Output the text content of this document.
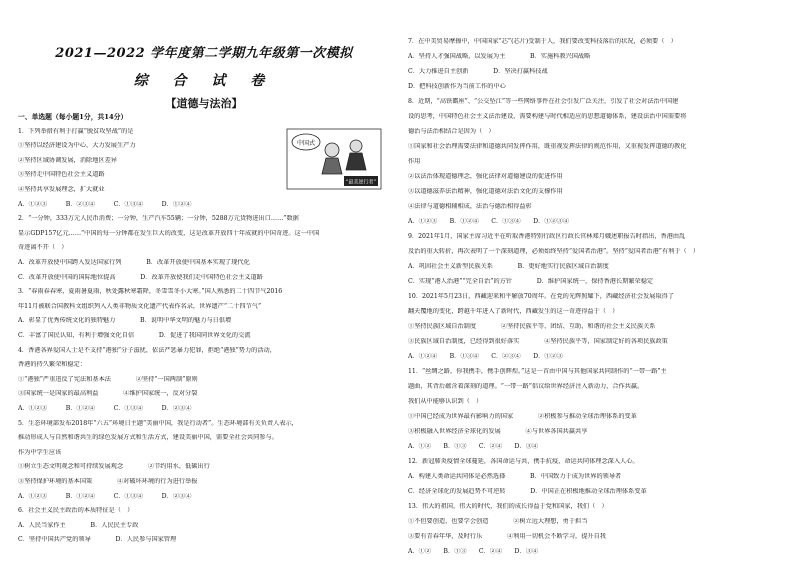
2021—2022 学年度第二学期九年级第一次模拟
综 合 试 卷
【道德与法治】
一、单选题（每小题1分，共14分）
1．下列举措有利于打赢“脱贫攻坚战”的是
①坚持以经济建设为中心，大力发展生产力
②坚持区域协调发展，消除地区差异
③坚持走中国特色社会主义道路
④坚持共享发展理念，扩大就业
A．①②③　　　B．②③④　　　C．①③④　　　D．①②④
2．“一分钟，333万元人民币消费；一分钟，生产汽车55辆；一分钟，5288万元货物进出口……”数据
显示GDP157亿元……“中国的每一分钟都在发生巨大的改变，这是改革开放四十年成就的中国奇迹。这一中国
奇迹离不开（　）
A．改革开放使中国跨入发达国家行列　　　　B．改革开放使中国基本实现了现代化
C．改革开放使中国的国际地位提高　　　　D．改革开放使我们走中国特色社会主义道路
3．“春雨春春寒，夏雨暑夏雨，秋处露秋寒霜降，冬雪雪冬小大寒。”国人熟悉的二十四节气2016
年11月被联合国教科文组织列入人类非物质文化遗产代表作名录，世界遗产“二十四节气”
A．彰显了优秀传统文化的独特魅力　　　　B．说明中华文明的魅力与日俱增
C．丰富了国民认知，有利于增强文化自信　　　　D．促进了我国同世界文化的交流
4．香港各界爱国人士是不支持“港独”分子滋扰，依法严惩暴力犯罪，拒绝“港独”势力的活动，
香港的持久繁荣和稳定：
①“港独”严重违反了宪法和基本法　　　　②坚持“一国两制”原则
③国家统一是国家的最高利益　　　　④维护国家统一，反对分裂
A．①②③　　　B．①②④　　　C．①③④　　　D．②③④
5．生态环境部发布2018年“六五”环境日主题“美丽中国，我是行动者”。生态环境部有关负责人表示，
推动形成人与自然和谐共生的绿色发展方式和生活方式，建设美丽中国，需要全社会共同参与。
作为中学生应该
①树立生态文明观念和可持续发展观念　　　　②节约用水，低碳出行
③坚持保护环境的基本国策　　　　④对破坏环境的行为进行举报
A．①②③　　　B．①②④　　　C．①③④　　　D．②③④
6．社会主义民主政治的本质特征是（　）
A．人民当家作主　　　　B．人民民主专政
C．坚持中国共产党的领导　　　　D．人民参与国家管理
中国式
“最美逆行者”
7．在中美贸易摩擦中，中国国家“芯”(芯片)受制于人，我们要改变科技落后的状况，必须要（　）
A．坚持人才强国战略，以发展为主　　　　B．实施科教兴国战略
C．大力推进自主创新　　　　D．坚决打赢科技战
D．把科技创新作为当前工作的中心
8．近期，“高铁霸座”、“公交坠江”等一些网络事件在社会引发广泛关注，引发了社会对法治中国建
设的思考，中国特色社会主义法治建设，需要构建与时代相适应的思想道德体系，建设法治中国需要将
德治与法治相结合是因为（　）
①国家和社会治理需要法律和道德共同发挥作用，既重视发挥法律的规范作用，又重视发挥道德的教化
作用
②以法治体现道德理念，强化法律对道德建设的促进作用
③以道德滋养法治精神，强化道德对法治文化的支撑作用
④法律与道德相辅相成，法治与德治相得益彰
A．①②③　　B．①②④　　C．①③④　　D．①②③④
9．2021年1月，国家主席习近平在听取香港特别行政区行政长官林郑月娥述职报告时指出，香港由乱
及治的重大转折，再次表明了一个深刻道理，必须始终坚持“爱国者治港”。坚持“爱国者治港”有利于（　）
A．巩固社会主义新型民族关系　　　　B．更好地实行民族区域自治制度
C．实现“港人治港”“完全自治”的方针　　　　D．维护国家统一，保持香港长期繁荣稳定
10．2021年5月23日，西藏迎来和平解放70周年。在党的光辉照耀下，西藏经济社会发展取得了
翻天覆地的变化，跨越千年进入了新时代，西藏发生的这一奇迹得益于（　）
①坚持民族区域自治制度　　　　②坚持民族平等、团结、互助、和谐的社会主义民族关系
③民族区域自治制度，已经得到很好落实　　　　④坚持民族平等，国家制定好的各项民族政策
A．①②④　　B．①③④　　C．②③④　　D．①②③
11．“丝绸之路，你我携手，携手创辉煌。”这是一首由中国与其他国家共同制作的“一带一路”主
题曲，其背后蕴含着深刻的道理。“一带一路”倡议给世界经济注入新动力，合作共赢。
我们从中能够认识到（　）
①中国已经成为世界最有影响力的国家　　　　②积极参与推动全球治理体系的变革
③积极融入世界经济全球化的发展　　　　④与世界各国共赢共享
A．①②　　B．①③　　C．②④　　D．③④
12．新冠肺炎疫情全球蔓延，各国命运与共，携手抗疫，命运共同体理念深入人心。
A．构建人类命运共同体是必然选择　　　　B．中国致力于成为世界的领导者
C．经济全球化的发展趋势不可逆转　　　　D．中国正在积极地推动全球治理体系变革
13．伟大的祖国，伟大的时代，我们的成长得益于党和国家，我们（　）
①不但要创造，也要学会创造　　　　②树立远大理想，勇于担当
③要有青春年华，及时行乐　　　　④利用一切机会不断学习，提升自我
A．①②　　B．①③　　C．②④　　D．③④
